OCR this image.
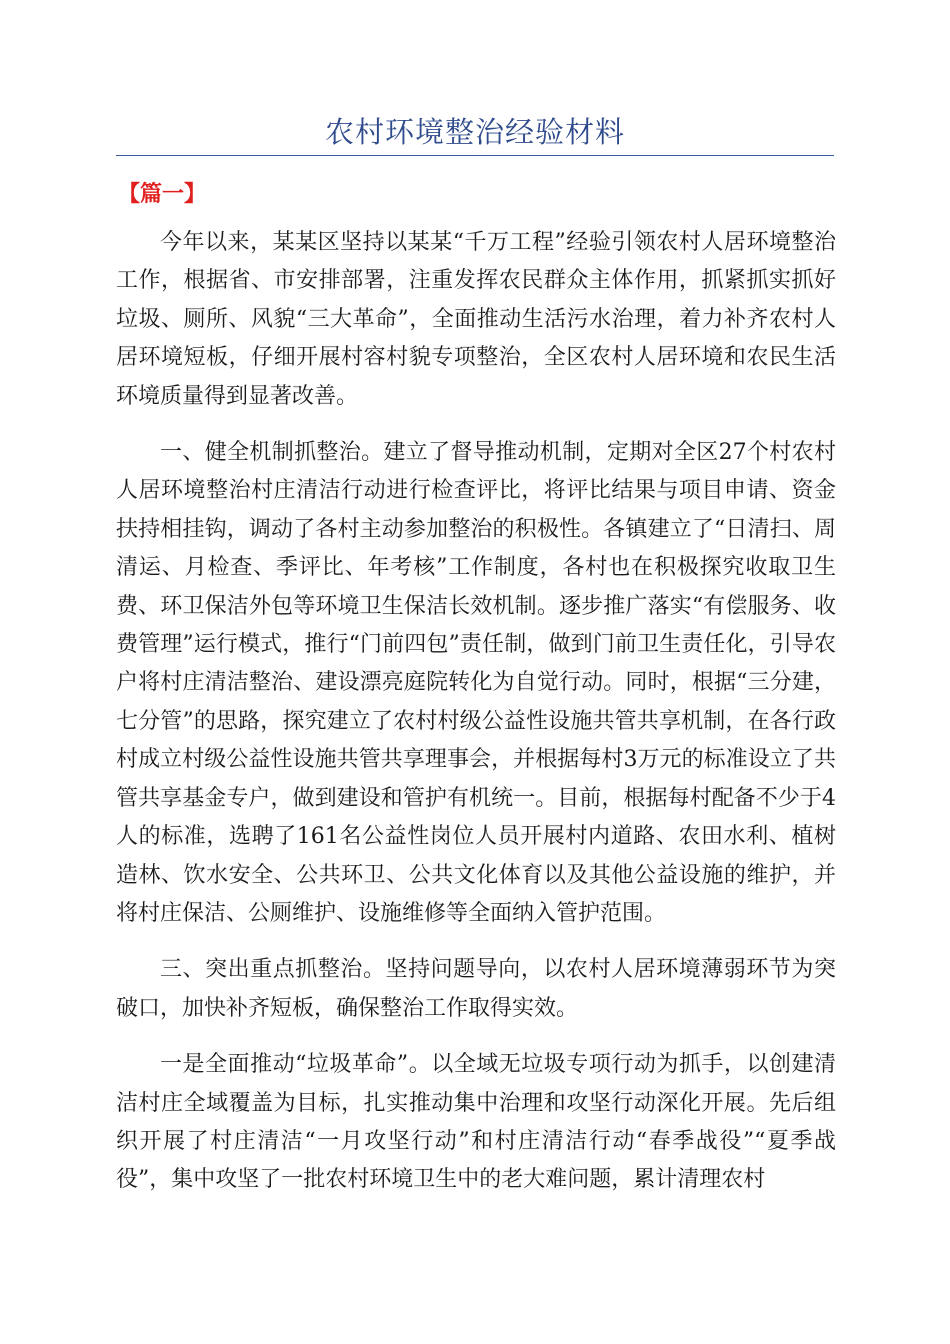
农村环境整治经验材料
【篇一】

今年以来，某某区坚持以某某“千万工程”经验引领农村人居环境整治工作，根据省、市安排部署，注重发挥农民群众主体作用，抓紧抓实抓好垃圾、厕所、风貌“三大革命”，全面推动生活污水治理，着力补齐农村人居环境短板，仔细开展村容村貌专项整治，全区农村人居环境和农民生活环境质量得到显著改善。

一、健全机制抓整治。建立了督导推动机制，定期对全区27个村农村人居环境整治村庄清洁行动进行检查评比，将评比结果与项目申请、资金扶持相挂钩，调动了各村主动参加整治的积极性。各镇建立了“日清扫、周清运、月检查、季评比、年考核”工作制度，各村也在积极探究收取卫生费、环卫保洁外包等环境卫生保洁长效机制。逐步推广落实“有偿服务、收费管理”运行模式，推行“门前四包”责任制，做到门前卫生责任化，引导农户将村庄清洁整治、建设漂亮庭院转化为自觉行动。同时，根据“三分建，七分管”的思路，探究建立了农村村级公益性设施共管共享机制，在各行政村成立村级公益性设施共管共享理事会，并根据每村3万元的标准设立了共管共享基金专户，做到建设和管护有机统一。目前，根据每村配备不少于4人的标准，选聘了161名公益性岗位人员开展村内道路、农田水利、植树造林、饮水安全、公共环卫、公共文化体育以及其他公益设施的维护，并将村庄保洁、公厕维护、设施维修等全面纳入管护范围。

三、突出重点抓整治。坚持问题导向，以农村人居环境薄弱环节为突破口，加快补齐短板，确保整治工作取得实效。

一是全面推动“垃圾革命”。以全域无垃圾专项行动为抓手，以创建清洁村庄全域覆盖为目标，扎实推动集中治理和攻坚行动深化开展。先后组织开展了村庄清洁“一月攻坚行动”和村庄清洁行动“春季战役”“夏季战役”，集中攻坚了一批农村环境卫生中的老大难问题，累计清理农村
